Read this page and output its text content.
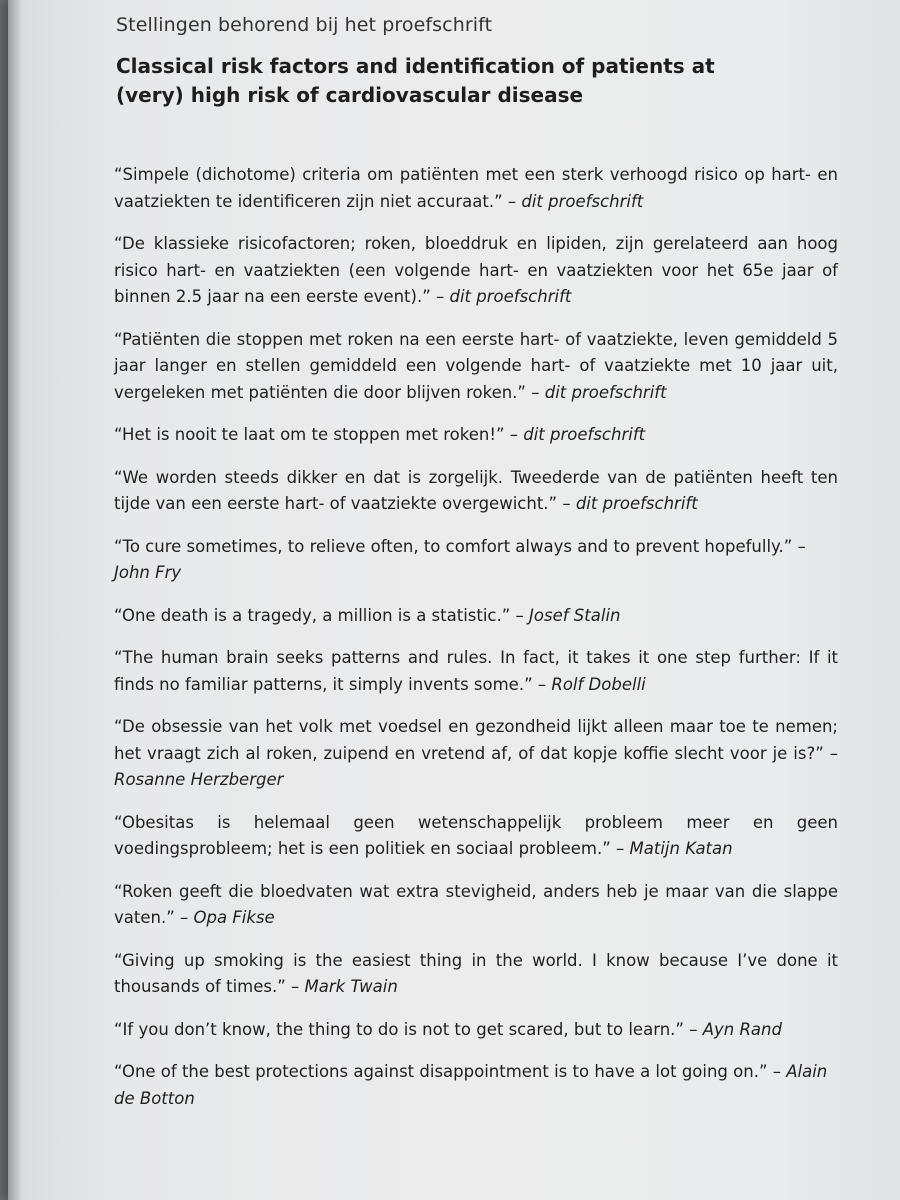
Stellingen behorend bij het proefschrift

Classical risk factors and identification of patients at
(very) high risk of cardiovascular disease

“Simpele (dichotome) criteria om patiënten met een sterk verhoogd risico op hart- en vaatziekten te identificeren zijn niet accuraat.” – dit proefschrift

“De klassieke risicofactoren; roken, bloeddruk en lipiden, zijn gerelateerd aan hoog risico hart- en vaatziekten (een volgende hart- en vaatziekten voor het 65e jaar of binnen 2.5 jaar na een eerste event).” – dit proefschrift

“Patiënten die stoppen met roken na een eerste hart- of vaatziekte, leven gemiddeld 5 jaar langer en stellen gemiddeld een volgende hart- of vaatziekte met 10 jaar uit, vergeleken met patiënten die door blijven roken.” – dit proefschrift

“Het is nooit te laat om te stoppen met roken!” – dit proefschrift

“We worden steeds dikker en dat is zorgelijk. Tweederde van de patiënten heeft ten tijde van een eerste hart- of vaatziekte overgewicht.” – dit proefschrift

“To cure sometimes, to relieve often, to comfort always and to prevent hopefully.” – John Fry

“One death is a tragedy, a million is a statistic.” – Josef Stalin

“The human brain seeks patterns and rules. In fact, it takes it one step further: If it finds no familiar patterns, it simply invents some.” – Rolf Dobelli

“De obsessie van het volk met voedsel en gezondheid lijkt alleen maar toe te nemen; het vraagt zich al roken, zuipend en vretend af, of dat kopje koffie slecht voor je is?” – Rosanne Herzberger

“Obesitas is helemaal geen wetenschappelijk probleem meer en geen voedingsprobleem; het is een politiek en sociaal probleem.” – Matijn Katan

“Roken geeft die bloedvaten wat extra stevigheid, anders heb je maar van die slappe vaten.” – Opa Fikse

“Giving up smoking is the easiest thing in the world. I know because I’ve done it thousands of times.” – Mark Twain

“If you don’t know, the thing to do is not to get scared, but to learn.” – Ayn Rand

“One of the best protections against disappointment is to have a lot going on.” – Alain de Botton
